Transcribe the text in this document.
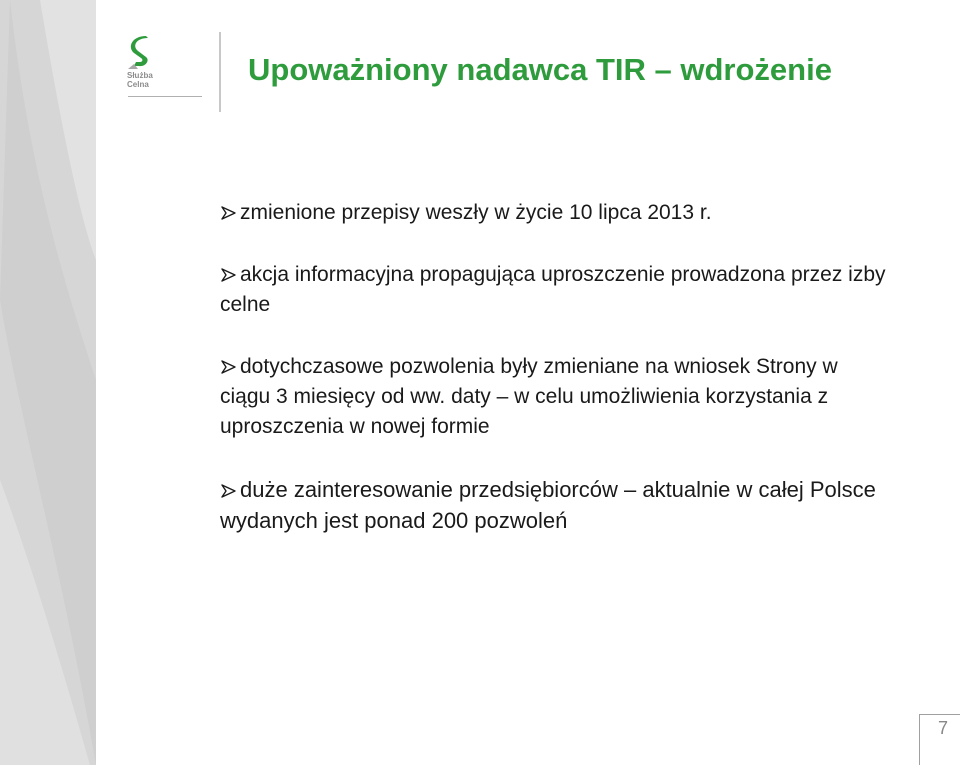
Służba
Celna	Upoważniony nadawca TIR – wdrożenie
zmienione przepisy weszły w życie 10 lipca 2013 r.
akcja informacyjna propagująca uproszczenie prowadzona przez izby celne
dotychczasowe pozwolenia były zmieniane na wniosek Strony w ciągu 3 miesięcy od ww. daty – w celu umożliwienia korzystania z uproszczenia w nowej formie
duże zainteresowanie przedsiębiorców – aktualnie w całej Polsce wydanych jest ponad 200 pozwoleń
7
